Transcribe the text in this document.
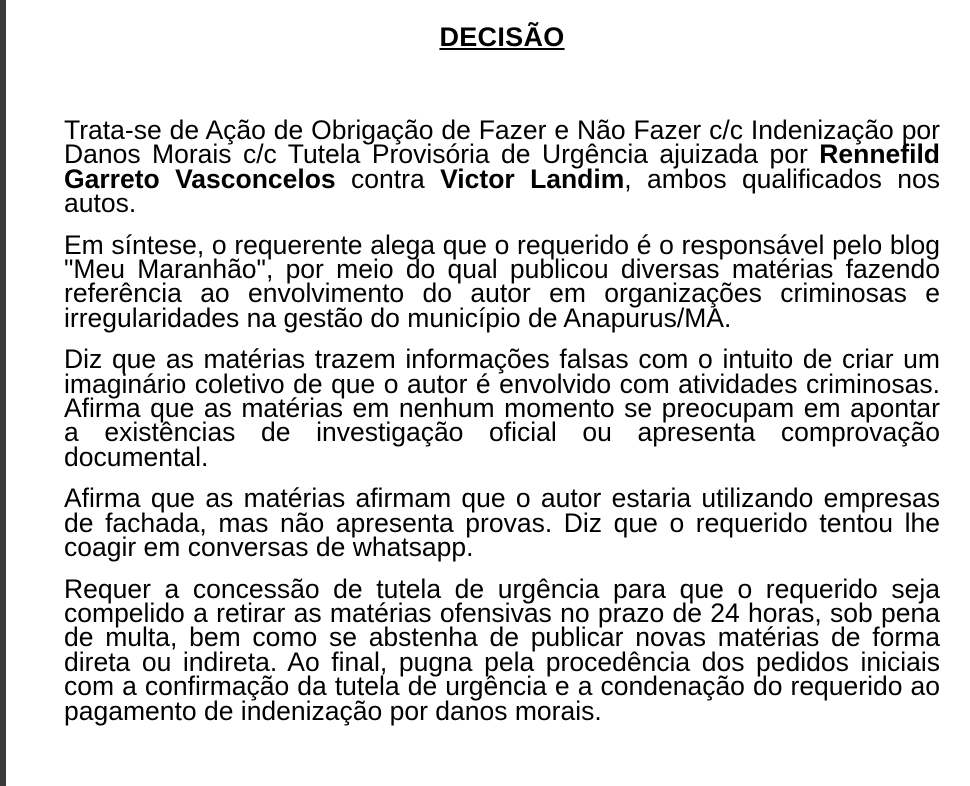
DECISÃO

Trata-se de Ação de Obrigação de Fazer e Não Fazer c/c Indenização por Danos Morais c/c Tutela Provisória de Urgência ajuizada por Rennefild Garreto Vasconcelos contra Victor Landim, ambos qualificados nos autos.

Em síntese, o requerente alega que o requerido é o responsável pelo blog "Meu Maranhão", por meio do qual publicou diversas matérias fazendo referência ao envolvimento do autor em organizações criminosas e irregularidades na gestão do município de Anapurus/MA.

Diz que as matérias trazem informações falsas com o intuito de criar um imaginário coletivo de que o autor é envolvido com atividades criminosas. Afirma que as matérias em nenhum momento se preocupam em apontar a existências de investigação oficial ou apresenta comprovação documental.

Afirma que as matérias afirmam que o autor estaria utilizando empresas de fachada, mas não apresenta provas. Diz que o requerido tentou lhe coagir em conversas de whatsapp.

Requer a concessão de tutela de urgência para que o requerido seja compelido a retirar as matérias ofensivas no prazo de 24 horas, sob pena de multa, bem como se abstenha de publicar novas matérias de forma direta ou indireta. Ao final, pugna pela procedência dos pedidos iniciais com a confirmação da tutela de urgência e a condenação do requerido ao pagamento de indenização por danos morais.
